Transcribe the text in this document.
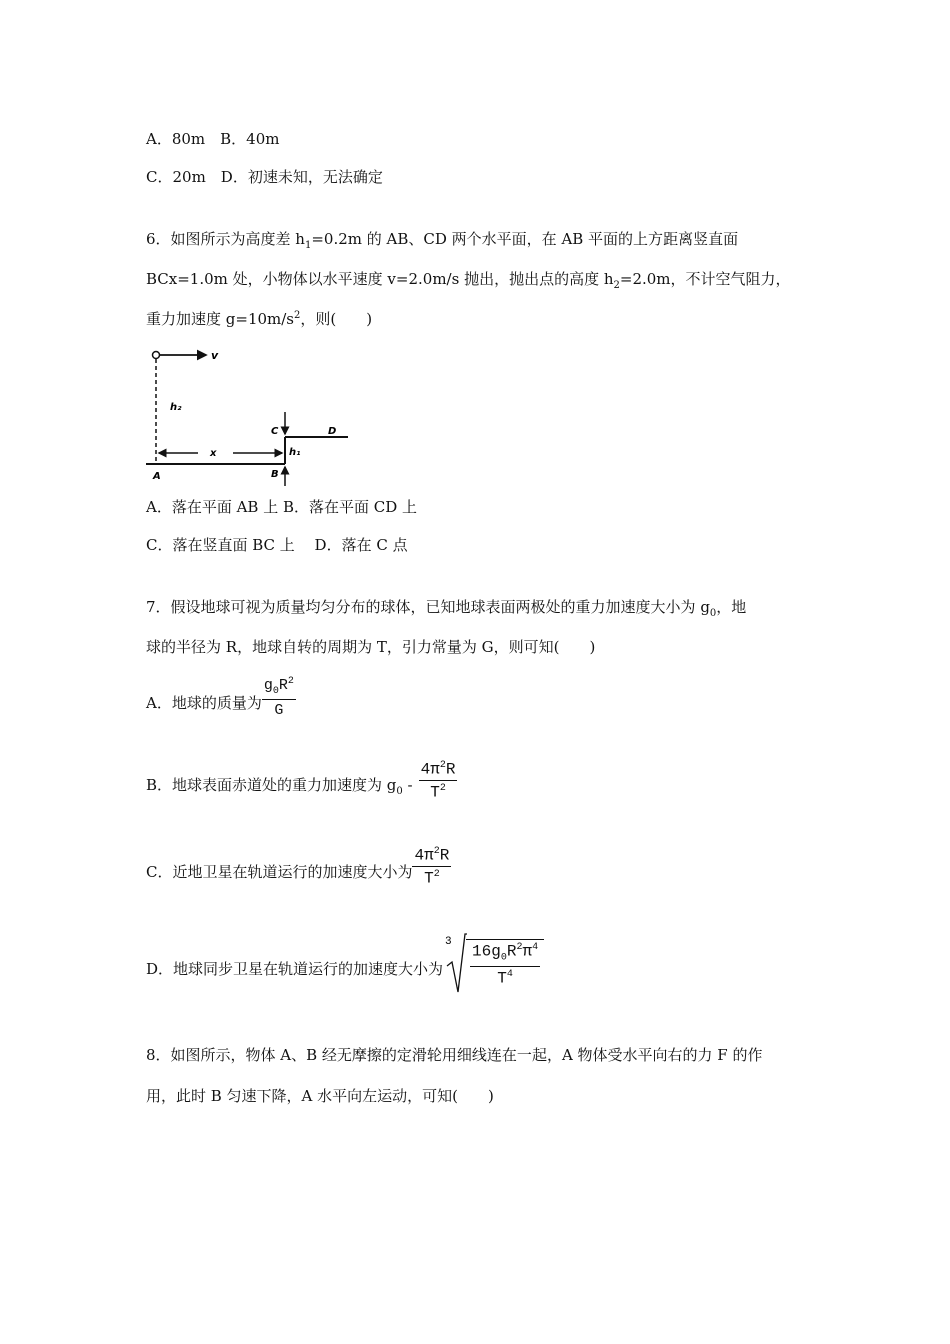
A．80m　B．40m
C．20m　D．初速未知，无法确定
6．如图所示为高度差 $h_1=0.2m$ 的 AB、CD 两个水平面，在 AB 平面的上方距离竖直面
BCx=1.0m 处，小物体以水平速度 v=2.0m/s 抛出，抛出点的高度 $h_2=2.0m$，不计空气阻力，
重力加速度 $g=10m/s^2$，则(　　)
v
h₂
x	h₁
C	D
A	B
A．落在平面 AB 上 B．落在平面 CD 上
C．落在竖直面 BC 上　 D．落在 C 点
7．假设地球可视为质量均匀分布的球体，已知地球表面两极处的重力加速度大小为 $g_0$，地
球的半径为 R，地球自转的周期为 T，引力常量为 G，则可知(　　)
A．地球的质量为 $\frac{g_0R^2}{G}$
B．地球表面赤道处的重力加速度为 $g_0 - \frac{4\pi^2R}{T^2}$
C．近地卫星在轨道运行的加速度大小为 $\frac{4\pi^2R}{T^2}$
D．地球同步卫星在轨道运行的加速度大小为
$3 \frac{16g_0R^2\pi^4}{T^4}$
8．如图所示，物体 A、B 经无摩擦的定滑轮用细线连在一起，A 物体受水平向右的力 F 的作
用，此时 B 匀速下降，A 水平向左运动，可知(　　)
